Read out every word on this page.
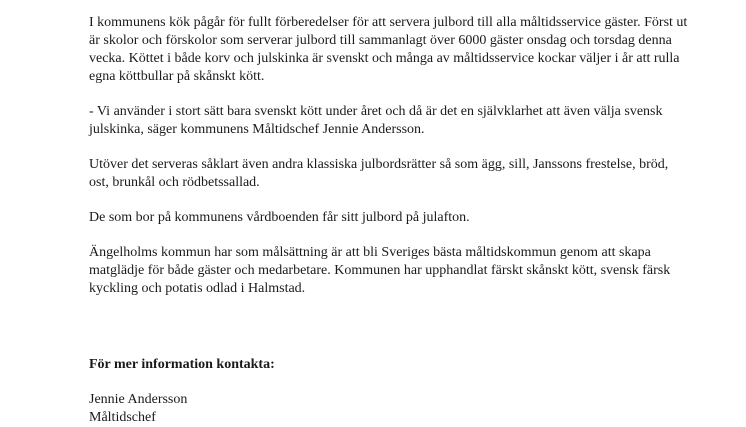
I kommunens kök pågår för fullt förberedelser för att servera julbord till alla måltidsservice gäster. Först ut är skolor och förskolor som serverar julbord till sammanlagt över 6000 gäster onsdag och torsdag denna vecka. Köttet i både korv och julskinka är svenskt och många av måltidsservice kockar väljer i år att rulla egna köttbullar på skånskt kött.

- Vi använder i stort sätt bara svenskt kött under året och då är det en självklarhet att även välja svensk julskinka, säger kommunens Måltidschef Jennie Andersson.

Utöver det serveras såklart även andra klassiska julbordsrätter så som ägg, sill, Janssons frestelse, bröd, ost, brunkål och rödbetssallad.

De som bor på kommunens vårdboenden får sitt julbord på julafton.

Ängelholms kommun har som målsättning är att bli Sveriges bästa måltidskommun genom att skapa matglädje för både gäster och medarbetare. Kommunen har upphandlat färskt skånskt kött, svensk färsk kyckling och potatis odlad i Halmstad.

För mer information kontakta:

Jennie Andersson

Måltidschef
